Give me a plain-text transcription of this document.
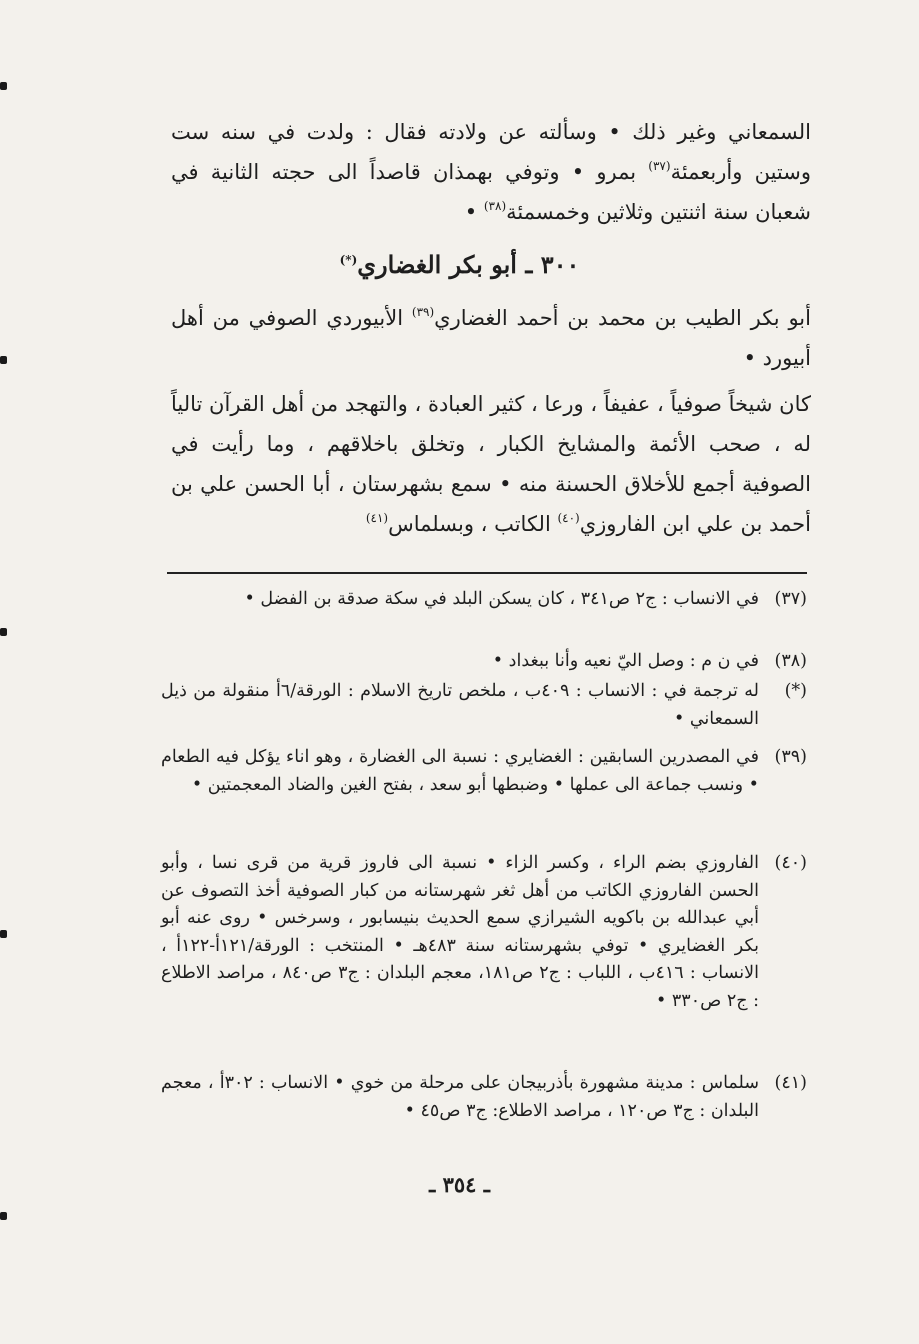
السمعاني وغير ذلك • وسألته عن ولادته فقال : ولدت في سنه ست وستين وأربعمئة$^{(٣٧)}$ بمرو • وتوفي بهمذان قاصداً الى حجته الثانية في شعبان سنة اثنتين وثلاثين وخمسمئة$^{(٣٨)}$ •

٣٠٠ ـ أبو بكر الغضاري(*)

أبو بكر الطيب بن محمد بن أحمد الغضاري$^{(٣٩)}$ الأبيوردي الصوفي من أهل أبيورد •

كان شيخاً صوفياً ، عفيفاً ، ورعا ، كثير العبادة ، والتهجد من أهل القرآن تالياً له ، صحب الأئمة والمشايخ الكبار ، وتخلق باخلاقهم ، وما رأيت في الصوفية أجمع للأخلاق الحسنة منه • سمع بشهرستان ، أبا الحسن علي بن أحمد بن علي ابن الفاروزي$^{(٤٠)}$ الكاتب ، وبسلماس$^{(٤١)}$

(٣٧)
في الانساب : ج٢ ص٣٤١ ، كان يسكن البلد في سكة صدقة بن الفضل •
(٣٨)
في ن م : وصل اليّ نعيه وأنا ببغداد •
(*)
له ترجمة في : الانساب : ٤٠٩ب ، ملخص تاريخ الاسلام : الورقة/٦أ منقولة من ذيل السمعاني •
(٣٩)
في المصدرين السابقين : الغضايري : نسبة الى الغضارة ، وهو اناء يؤكل فيه الطعام • ونسب جماعة الى عملها • وضبطها أبو سعد ، بفتح الغين والضاد المعجمتين •
(٤٠)
الفاروزي بضم الراء ، وكسر الزاء • نسبة الى فاروز قرية من قرى نسا ، وأبو الحسن الفاروزي الكاتب من أهل ثغر شهرستانه من كبار الصوفية أخذ التصوف عن أبي عبدالله بن باكويه الشيرازي سمع الحديث بنيسابور ، وسرخس • روى عنه أبو بكر الغضايري • توفي بشهرستانه سنة ٤٨٣هـ • المنتخب : الورقة/١٢١أ-١٢٢أ ، الانساب : ٤١٦ب ، اللباب : ج٢ ص١٨١، معجم البلدان : ج٣ ص٨٤٠ ، مراصد الاطلاع : ج٢ ص٣٣٠ •
(٤١)
سلماس : مدينة مشهورة بأذربيجان على مرحلة من خوي • الانساب : ٣٠٢أ ، معجم البلدان : ج٣ ص١٢٠ ، مراصد الاطلاع: ج٣ ص٤٥ •
ـ ٣٥٤ ـ
